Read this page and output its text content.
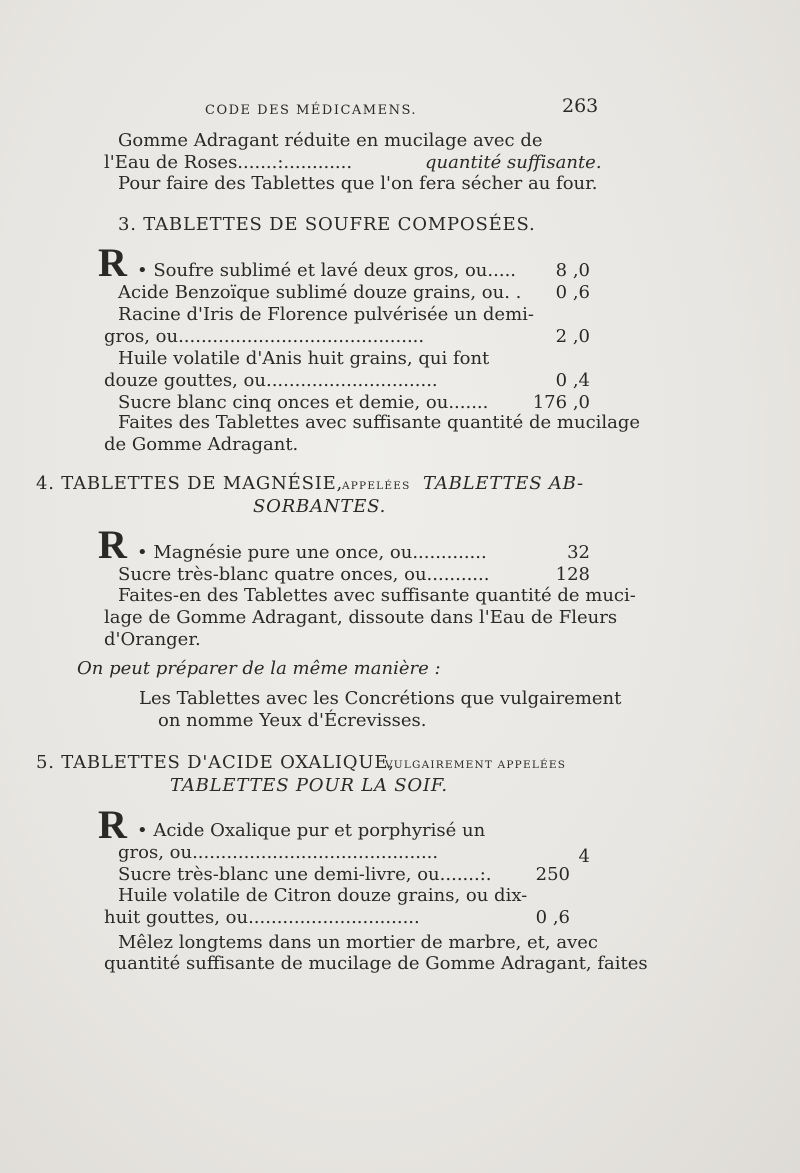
CODE DES MÉDICAMENS.	263
Gomme Adragant réduite en mucilage avec de
l'Eau de Roses.......:............	quantité suffisante.
Pour faire des Tablettes que l'on fera sécher au four.
3. TABLETTES DE SOUFRE COMPOSÉES.
R • Soufre sublimé et lavé deux gros, ou.....	8 ,0
Acide Benzoïque sublimé douze grains, ou. .	0 ,6
Racine d'Iris de Florence pulvérisée un demi-
gros, ou...........................................	2 ,0
Huile volatile d'Anis huit grains, qui font
douze gouttes, ou..............................	0 ,4
Sucre blanc cinq onces et demie, ou.......	176 ,0
Faites des Tablettes avec suffisante quantité de mucilage
de Gomme Adragant.
4. TABLETTES DE MAGNÉSIE,
APPELÉES TABLETTES AB-
SORBANTES.
R • Magnésie pure une once, ou.............	32
Sucre très-blanc quatre onces, ou...........	128
Faites-en des Tablettes avec suffisante quantité de muci-
lage de Gomme Adragant, dissoute dans l'Eau de Fleurs
d'Oranger.
On peut préparer de la même manière :
Les Tablettes avec les Concrétions que vulgairement
on nomme Yeux d'Écrevisses.
5. TABLETTES D'ACIDE OXALIQUE,
VULGAIREMENT APPELÉES
TABLETTES POUR LA SOIF.
R • Acide Oxalique pur et porphyrisé un
gros, ou...........................................	4
Sucre très-blanc une demi-livre, ou.......:.	250
Huile volatile de Citron douze grains, ou dix-
huit gouttes, ou..............................	0 ,6
Mêlez longtems dans un mortier de marbre, et, avec
quantité suffisante de mucilage de Gomme Adragant, faites
